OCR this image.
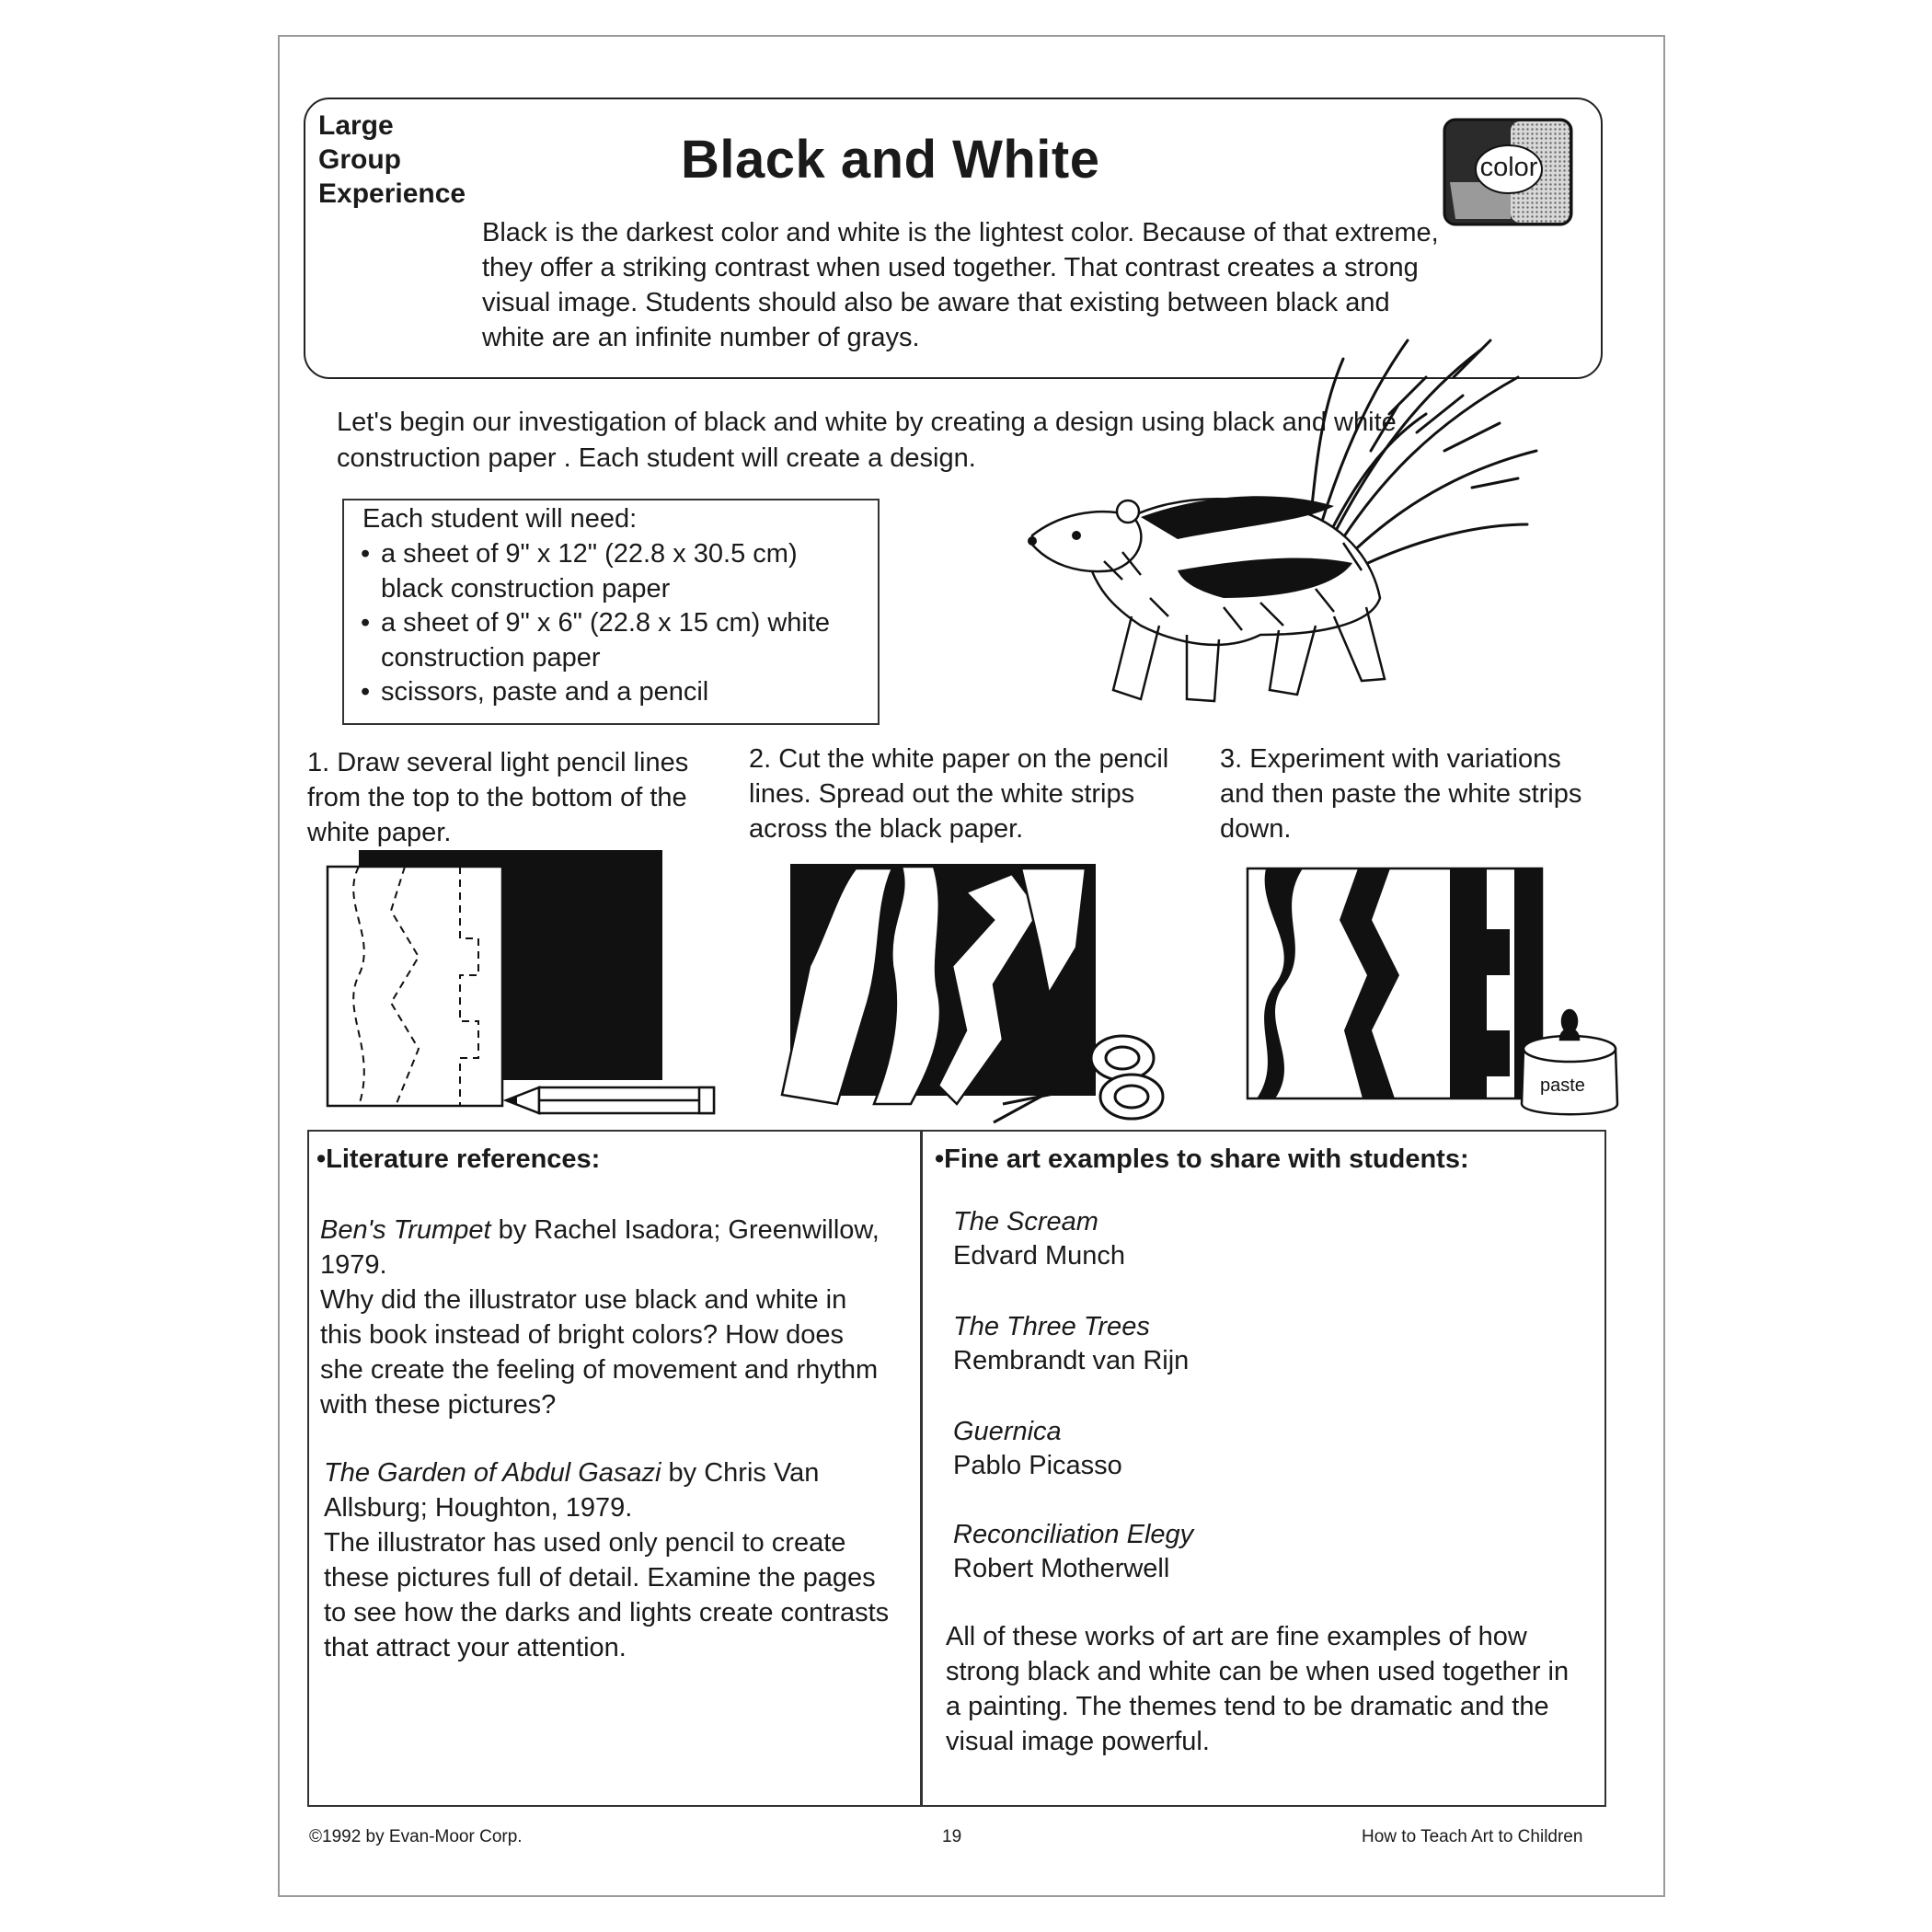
Large
Group
Experience
Black and White	color
Black is the darkest color and white is the lightest color. Because of that extreme, they offer a striking contrast when used together. That contrast creates a strong visual image. Students should also be aware that existing between black and white are an infinite number of grays.
Let's begin our investigation of black and white by creating a design using black and white construction paper . Each student will create a design.
Each student will need:
• a sheet of 9" x 12" (22.8 x 30.5 cm) black construction paper
• a sheet of 9" x 6" (22.8 x 15 cm) white construction paper
• scissors, paste and a pencil
1. Draw several light pencil lines from the top to the bottom of the white paper.
2. Cut the white paper on the pencil lines. Spread out the white strips across the black paper.
3. Experiment with variations and then paste the white strips down.
paste
•Literature references:
Ben's Trumpet by Rachel Isadora; Greenwillow, 1979.
Why did the illustrator use black and white in this book instead of bright colors? How does she create the feeling of movement and rhythm with these pictures?
The Garden of Abdul Gasazi by Chris Van Allsburg; Houghton, 1979.
The illustrator has used only pencil to create these pictures full of detail. Examine the pages to see how the darks and lights create contrasts that attract your attention.
•Fine art examples to share with students:
The Scream
Edvard Munch
The Three Trees
Rembrandt van Rijn
Guernica
Pablo Picasso
Reconciliation Elegy
Robert Motherwell
All of these works of art are fine examples of how strong black and white can be when used together in a painting. The themes tend to be dramatic and the visual image powerful.
©1992 by Evan-Moor Corp.	19	How to Teach Art to Children
